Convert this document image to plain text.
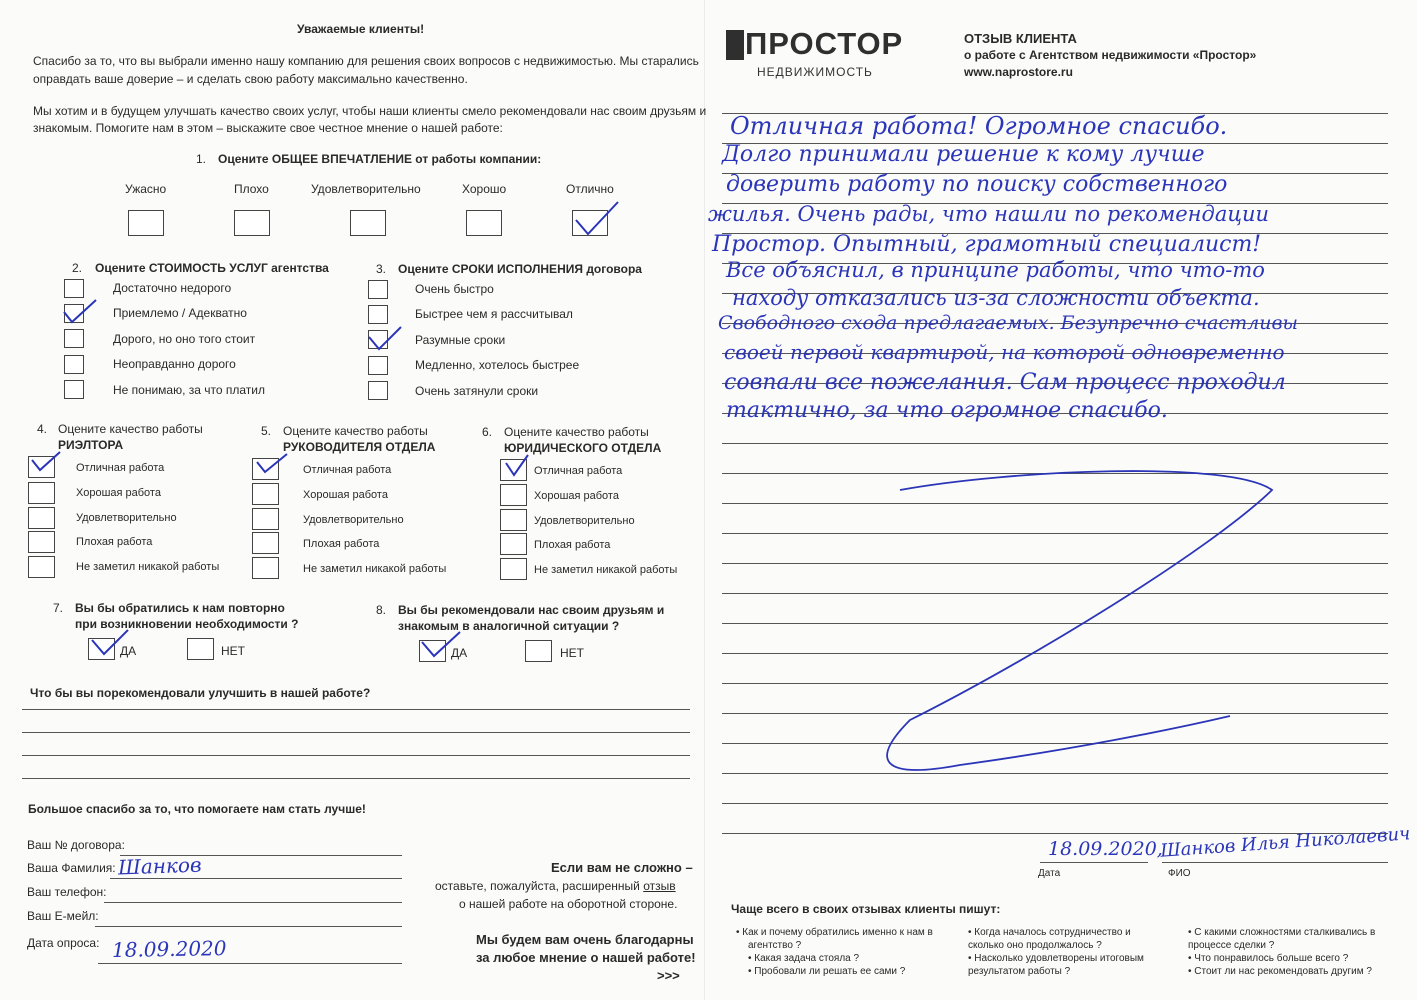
Уважаемые клиенты!
Спасибо за то, что вы выбрали именно нашу компанию для решения своих вопросов с недвижимостью. Мы старались
оправдать ваше доверие – и сделать свою работу максимально качественно.
Мы хотим и в будущем улучшать качество своих услуг, чтобы наши клиенты смело рекомендовали нас своим друзьям и
знакомым. Помогите нам в этом – выскажите свое честное мнение о нашей работе:
1. Оцените ОБЩЕЕ ВПЕЧАТЛЕНИЕ от работы компании:
Ужасно	Плохо	Удовлетворительно	Хорошо	Отлично
2. Оцените СТОИМОСТЬ УСЛУГ агентства
Достаточно недорого
Приемлемо / Адекватно
Дорого, но оно того стоит
Неоправданно дорого
Не понимаю, за что платил
3. Оцените СРОКИ ИСПОЛНЕНИЯ договора
Очень быстро
Быстрее чем я рассчитывал
Разумные сроки
Медленно, хотелось быстрее
Очень затянули сроки
4. Оцените качество работы
РИЭЛТОРА
Отличная работа
Хорошая работа
Удовлетворительно
Плохая работа
Не заметил никакой работы
5. Оцените качество работы
РУКОВОДИТЕЛЯ ОТДЕЛА
Отличная работа
Хорошая работа
Удовлетворительно
Плохая работа
Не заметил никакой работы
6. Оцените качество работы
ЮРИДИЧЕСКОГО ОТДЕЛА
Отличная работа
Хорошая работа
Удовлетворительно
Плохая работа
Не заметил никакой работы
7. Вы бы обратились к нам повторно
при возникновении необходимости ?
ДА	НЕТ
8. Вы бы рекомендовали нас своим друзьям и
знакомым в аналогичной ситуации ?
ДА	НЕТ
Что бы вы порекомендовали улучшить в нашей работе?
Большое спасибо за то, что помогаете нам стать лучше!
Ваш № договора:
Ваша Фамилия:
Ваш телефон:
Ваш Е-мейл:
Дата опроса:
Шанков
18.09.2020
Если вам не сложно –
оставьте, пожалуйста, расширенный отзыв
о нашей работе на оборотной стороне.
Мы будем вам очень благодарны
за любое мнение о нашей работе!
>>>
ПРОСТОР
НЕДВИЖИМОСТЬ
ОТЗЫВ КЛИЕНТА
о работе с Агентством недвижимости «Простор»
www.naprostore.ru
Отличная работа! Огромное спасибо.
Долго принимали решение к кому лучше
доверить работу по поиску собственного
жилья. Очень рады, что нашли по рекомендации
Простор. Опытный, грамотный специалист!
Все объяснил, в принципе работы, что что-то
находу отказались из-за сложности объекта.
Свободного схода предлагаемых. Безупречно счастливы
своей первой квартирой, на которой одновременно
совпали все пожелания. Сам процесс проходил
тактично, за что огромное спасибо.
18.09.2020,
Шанков Илья Николаевич
Дата	ФИО
Чаще всего в своих отзывах клиенты пишут:
• Как и почему обратились именно к нам в агентство ?
• Какая задача стояла ?
• Пробовали ли решать ее сами ?
• Когда началось сотрудничество и сколько оно продолжалось ?
• Насколько удовлетворены итоговым результатом работы ?
• С какими сложностями сталкивались в процессе сделки ?
• Что понравилось больше всего ?
• Стоит ли нас рекомендовать другим ?
